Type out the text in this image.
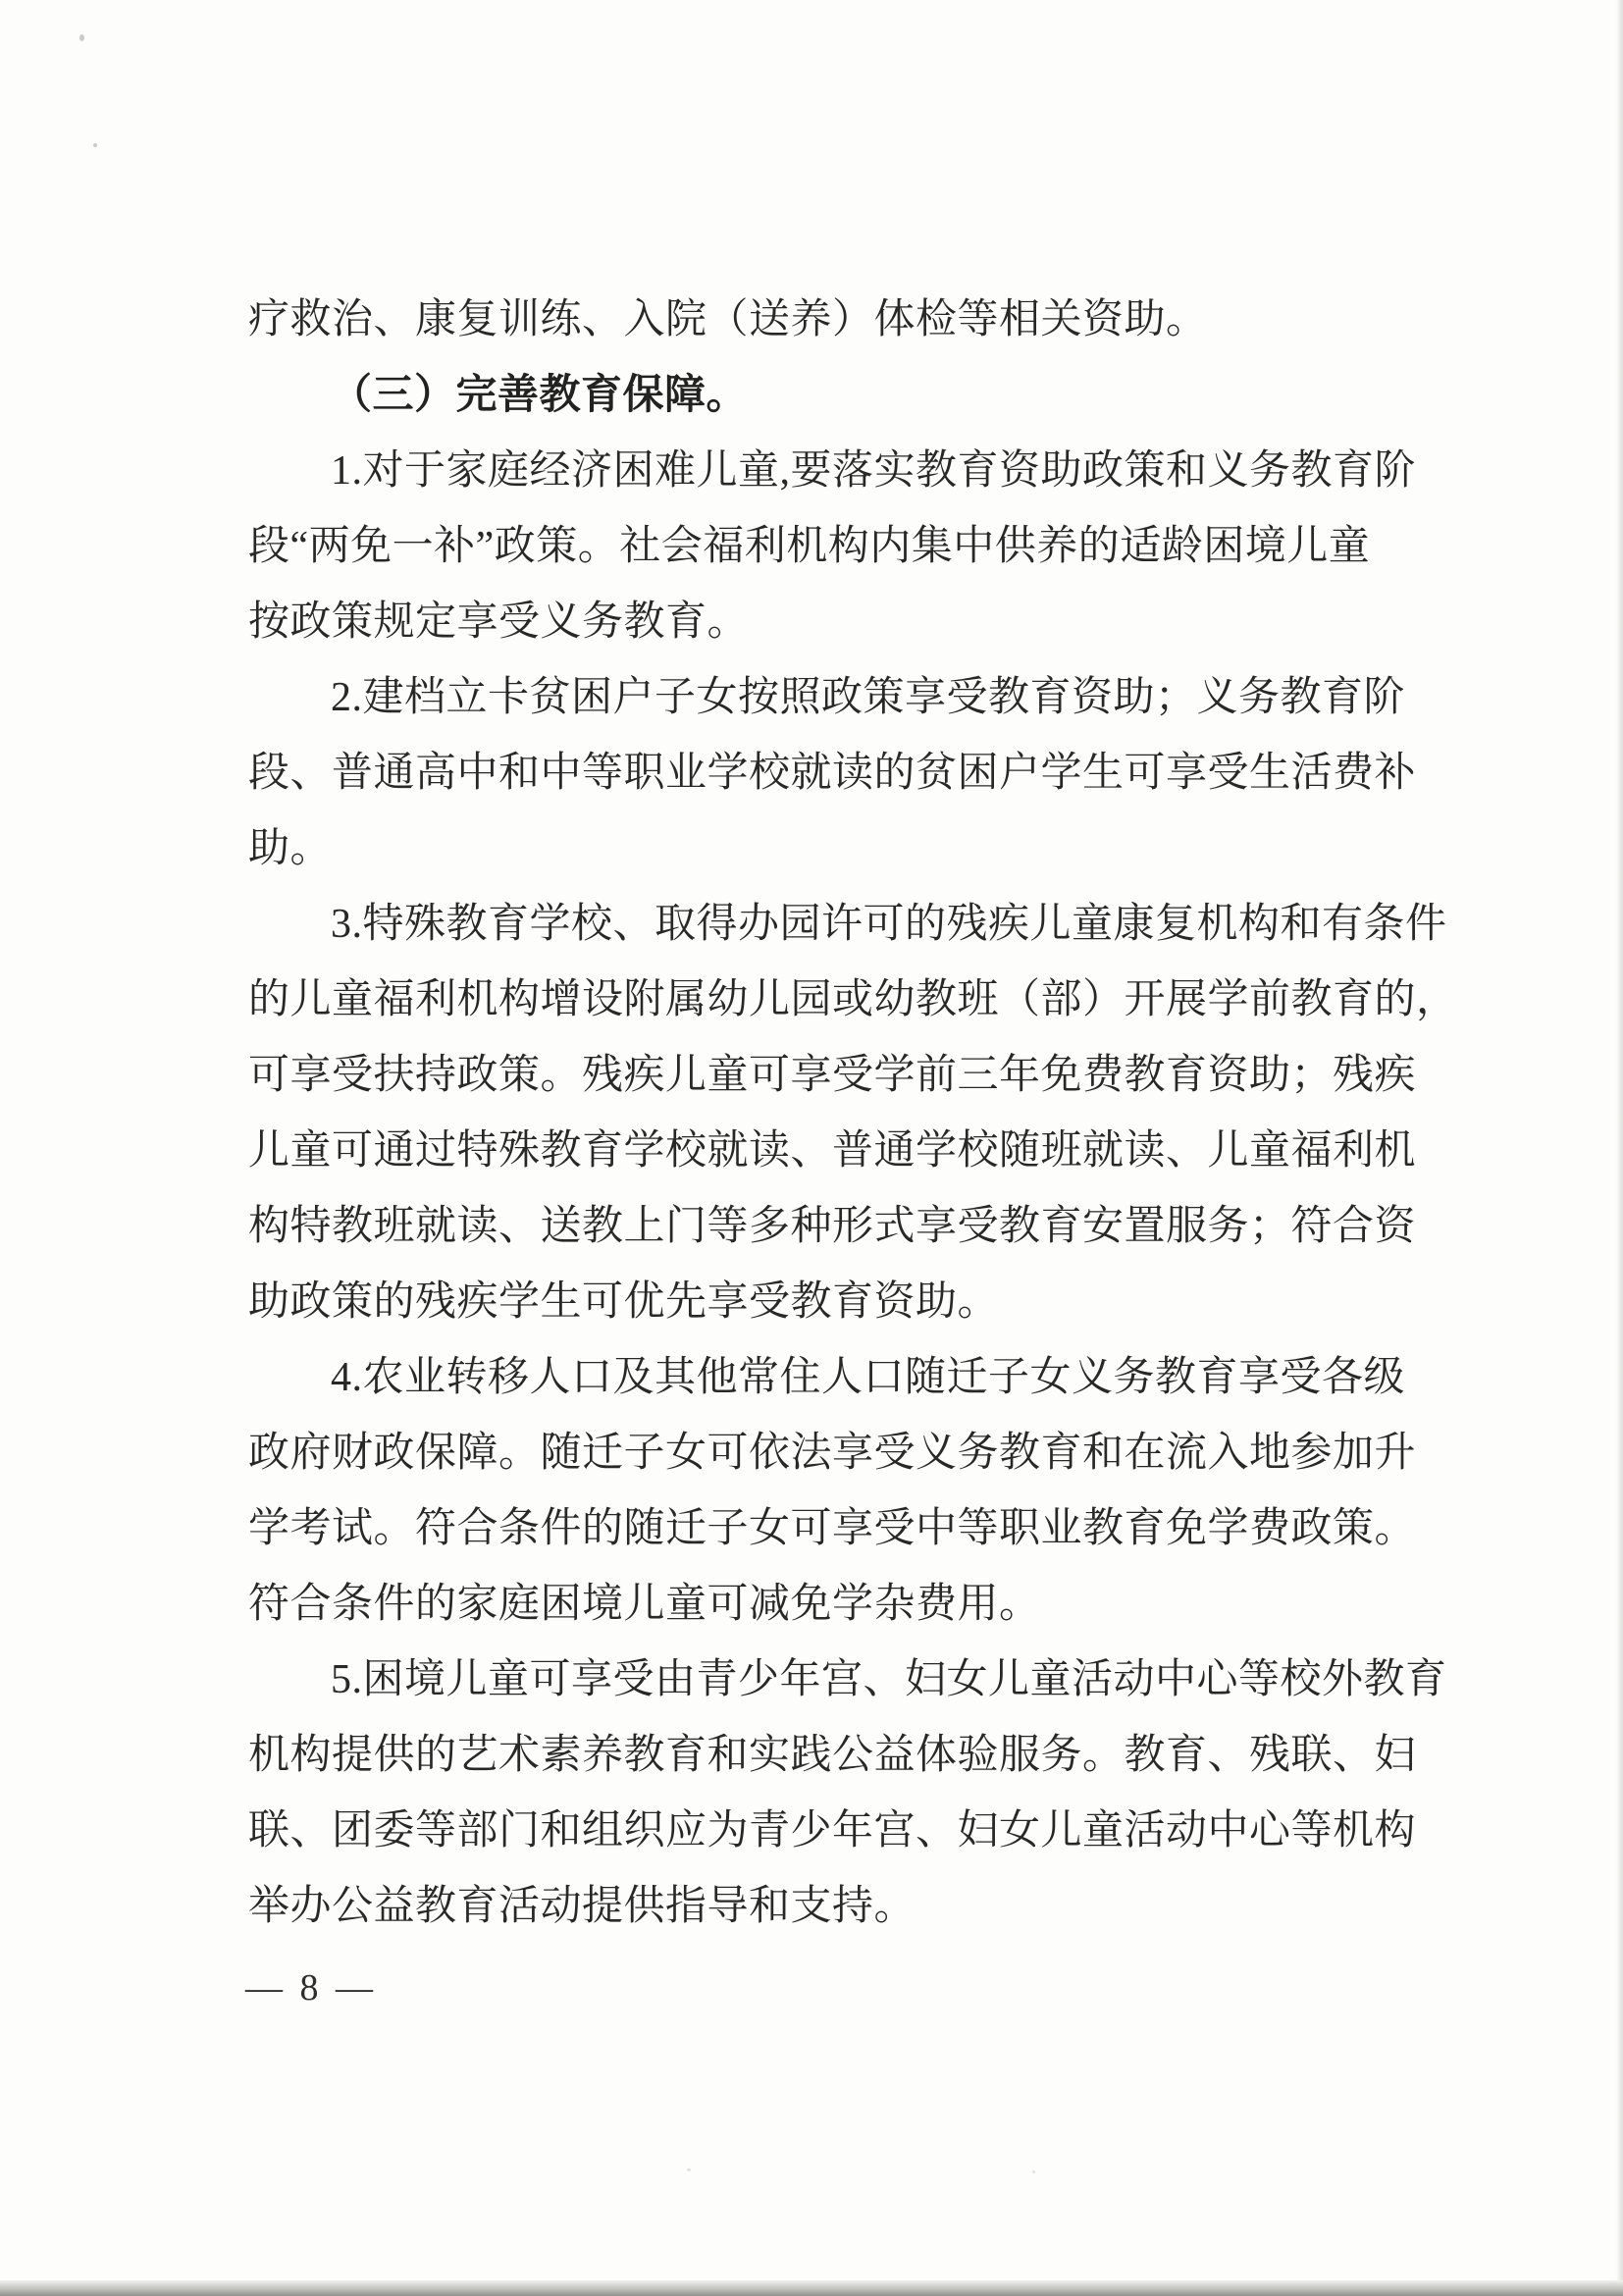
疗救治、康复训练、入院（送养）体检等相关资助。
（三）完善教育保障。
1.对于家庭经济困难儿童,要落实教育资助政策和义务教育阶
段“两免一补”政策。社会福利机构内集中供养的适龄困境儿童
按政策规定享受义务教育。
2.建档立卡贫困户子女按照政策享受教育资助；义务教育阶
段、普通高中和中等职业学校就读的贫困户学生可享受生活费补
助。
3.特殊教育学校、取得办园许可的残疾儿童康复机构和有条件
的儿童福利机构增设附属幼儿园或幼教班（部）开展学前教育的，
可享受扶持政策。残疾儿童可享受学前三年免费教育资助；残疾
儿童可通过特殊教育学校就读、普通学校随班就读、儿童福利机
构特教班就读、送教上门等多种形式享受教育安置服务；符合资
助政策的残疾学生可优先享受教育资助。
4.农业转移人口及其他常住人口随迁子女义务教育享受各级
政府财政保障。随迁子女可依法享受义务教育和在流入地参加升
学考试。符合条件的随迁子女可享受中等职业教育免学费政策。
符合条件的家庭困境儿童可减免学杂费用。
5.困境儿童可享受由青少年宫、妇女儿童活动中心等校外教育
机构提供的艺术素养教育和实践公益体验服务。教育、残联、妇
联、团委等部门和组织应为青少年宫、妇女儿童活动中心等机构
举办公益教育活动提供指导和支持。
— 8 —
